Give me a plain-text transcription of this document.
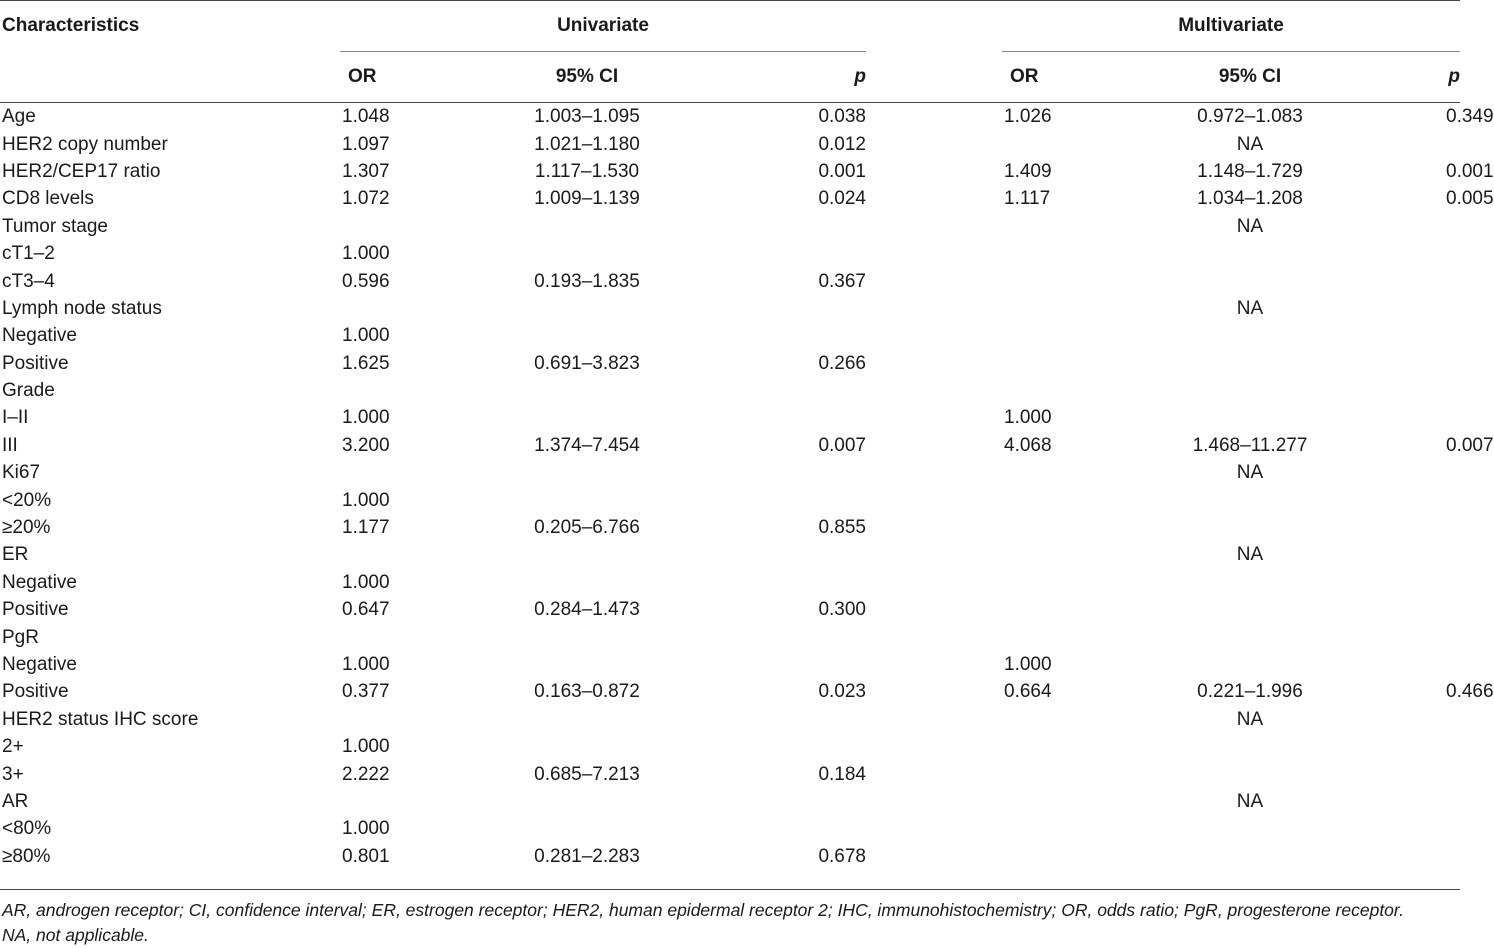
Characteristics	Univariate				Multivariate		
	OR	95% CI	p		OR	95% CI	p
Age	1.048	1.003–1.095	0.038		1.026	0.972–1.083	0.349
HER2 copy number	1.097	1.021–1.180	0.012			NA	
HER2/CEP17 ratio	1.307	1.117–1.530	0.001		1.409	1.148–1.729	0.001
CD8 levels	1.072	1.009–1.139	0.024		1.117	1.034–1.208	0.005
Tumor stage						NA	
cT1–2	1.000						
cT3–4	0.596	0.193–1.835	0.367				
Lymph node status						NA	
Negative	1.000						
Positive	1.625	0.691–3.823	0.266				
Grade							
I–II	1.000				1.000		
III	3.200	1.374–7.454	0.007		4.068	1.468–11.277	0.007
Ki67						NA	
<20%	1.000						
≥20%	1.177	0.205–6.766	0.855				
ER						NA	
Negative	1.000						
Positive	0.647	0.284–1.473	0.300				
PgR							
Negative	1.000				1.000		
Positive	0.377	0.163–0.872	0.023		0.664	0.221–1.996	0.466
HER2 status IHC score						NA	
2+	1.000						
3+	2.222	0.685–7.213	0.184				
AR						NA	
<80%	1.000						
≥80%	0.801	0.281–2.283	0.678				
AR, androgen receptor; CI, confidence interval; ER, estrogen receptor; HER2, human epidermal receptor 2; IHC, immunohistochemistry; OR, odds ratio; PgR, progesterone receptor.
NA, not applicable.
